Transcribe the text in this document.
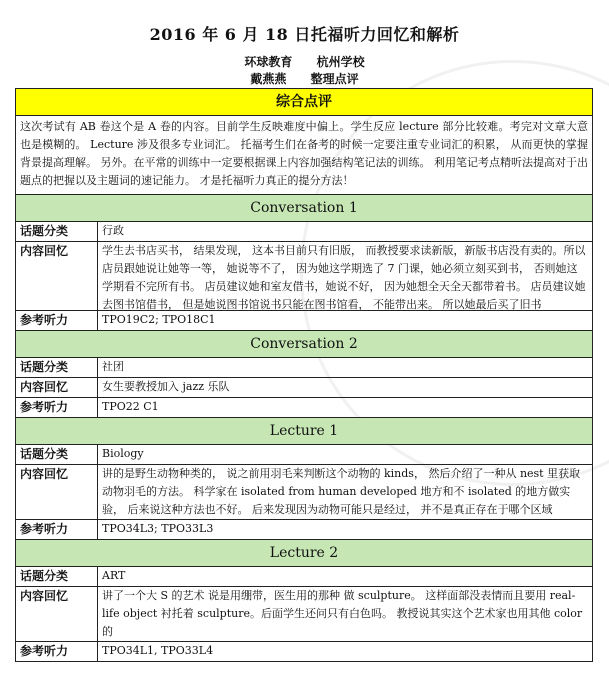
2016 年 6 月 18 日托福听力回忆和解析
环球教育 杭州学校
戴燕燕 整理点评
综合点评
这次考试有 AB 卷这个是 A 卷的内容。目前学生反映难度中偏上。学生反应 lecture 部分比较难。考完对文章大意也是模糊的。 Lecture 涉及很多专业词汇。 托福考生们在备考的时候一定要注重专业词汇的积累， 从而更快的掌握背景提高理解。 另外。在平常的训练中一定要根据课上内容加强结构笔记法的训练。 利用笔记考点精听法提高对于出题点的把握以及主题词的速记能力。 才是托福听力真正的提分方法！
Conversation 1
话题分类	行政
内容回忆	学生去书店买书， 结果发现， 这本书目前只有旧版， 而教授要求读新版，新版书店没有卖的。所以店员跟她说让她等一等， 她说等不了， 因为她这学期选了 7 门课，她必须立刻买到书， 否则她这学期看不完所有书。 店员建议她和室友借书，她说不好， 因为她想全天全天都带着书。 店员建议她去图书馆借书， 但是她说图书馆说书只能在图书馆看， 不能带出来。 所以她最后买了旧书
参考听力	TPO19C2; TPO18C1
Conversation 2
话题分类	社团
内容回忆	女生要教授加入 jazz 乐队
参考听力	TPO22 C1
Lecture 1
话题分类	Biology
内容回忆	讲的是野生动物种类的， 说之前用羽毛来判断这个动物的 kinds， 然后介绍了一种从 nest 里获取动物羽毛的方法。 科学家在 isolated from human developed 地方和不 isolated 的地方做实验， 后来说这种方法也不好。 后来发现因为动物可能只是经过， 并不是真正存在于哪个区域
参考听力	TPO34L3; TPO33L3
Lecture 2
话题分类	ART
内容回忆	讲了一个大 S 的艺术 说是用绷带，医生用的那种 做 sculpture。 这样面部没表情而且要用 real-life object 衬托着 sculpture。后面学生还问只有白色吗。 教授说其实这个艺术家也用其他 color 的
参考听力	TPO34L1, TPO33L4
